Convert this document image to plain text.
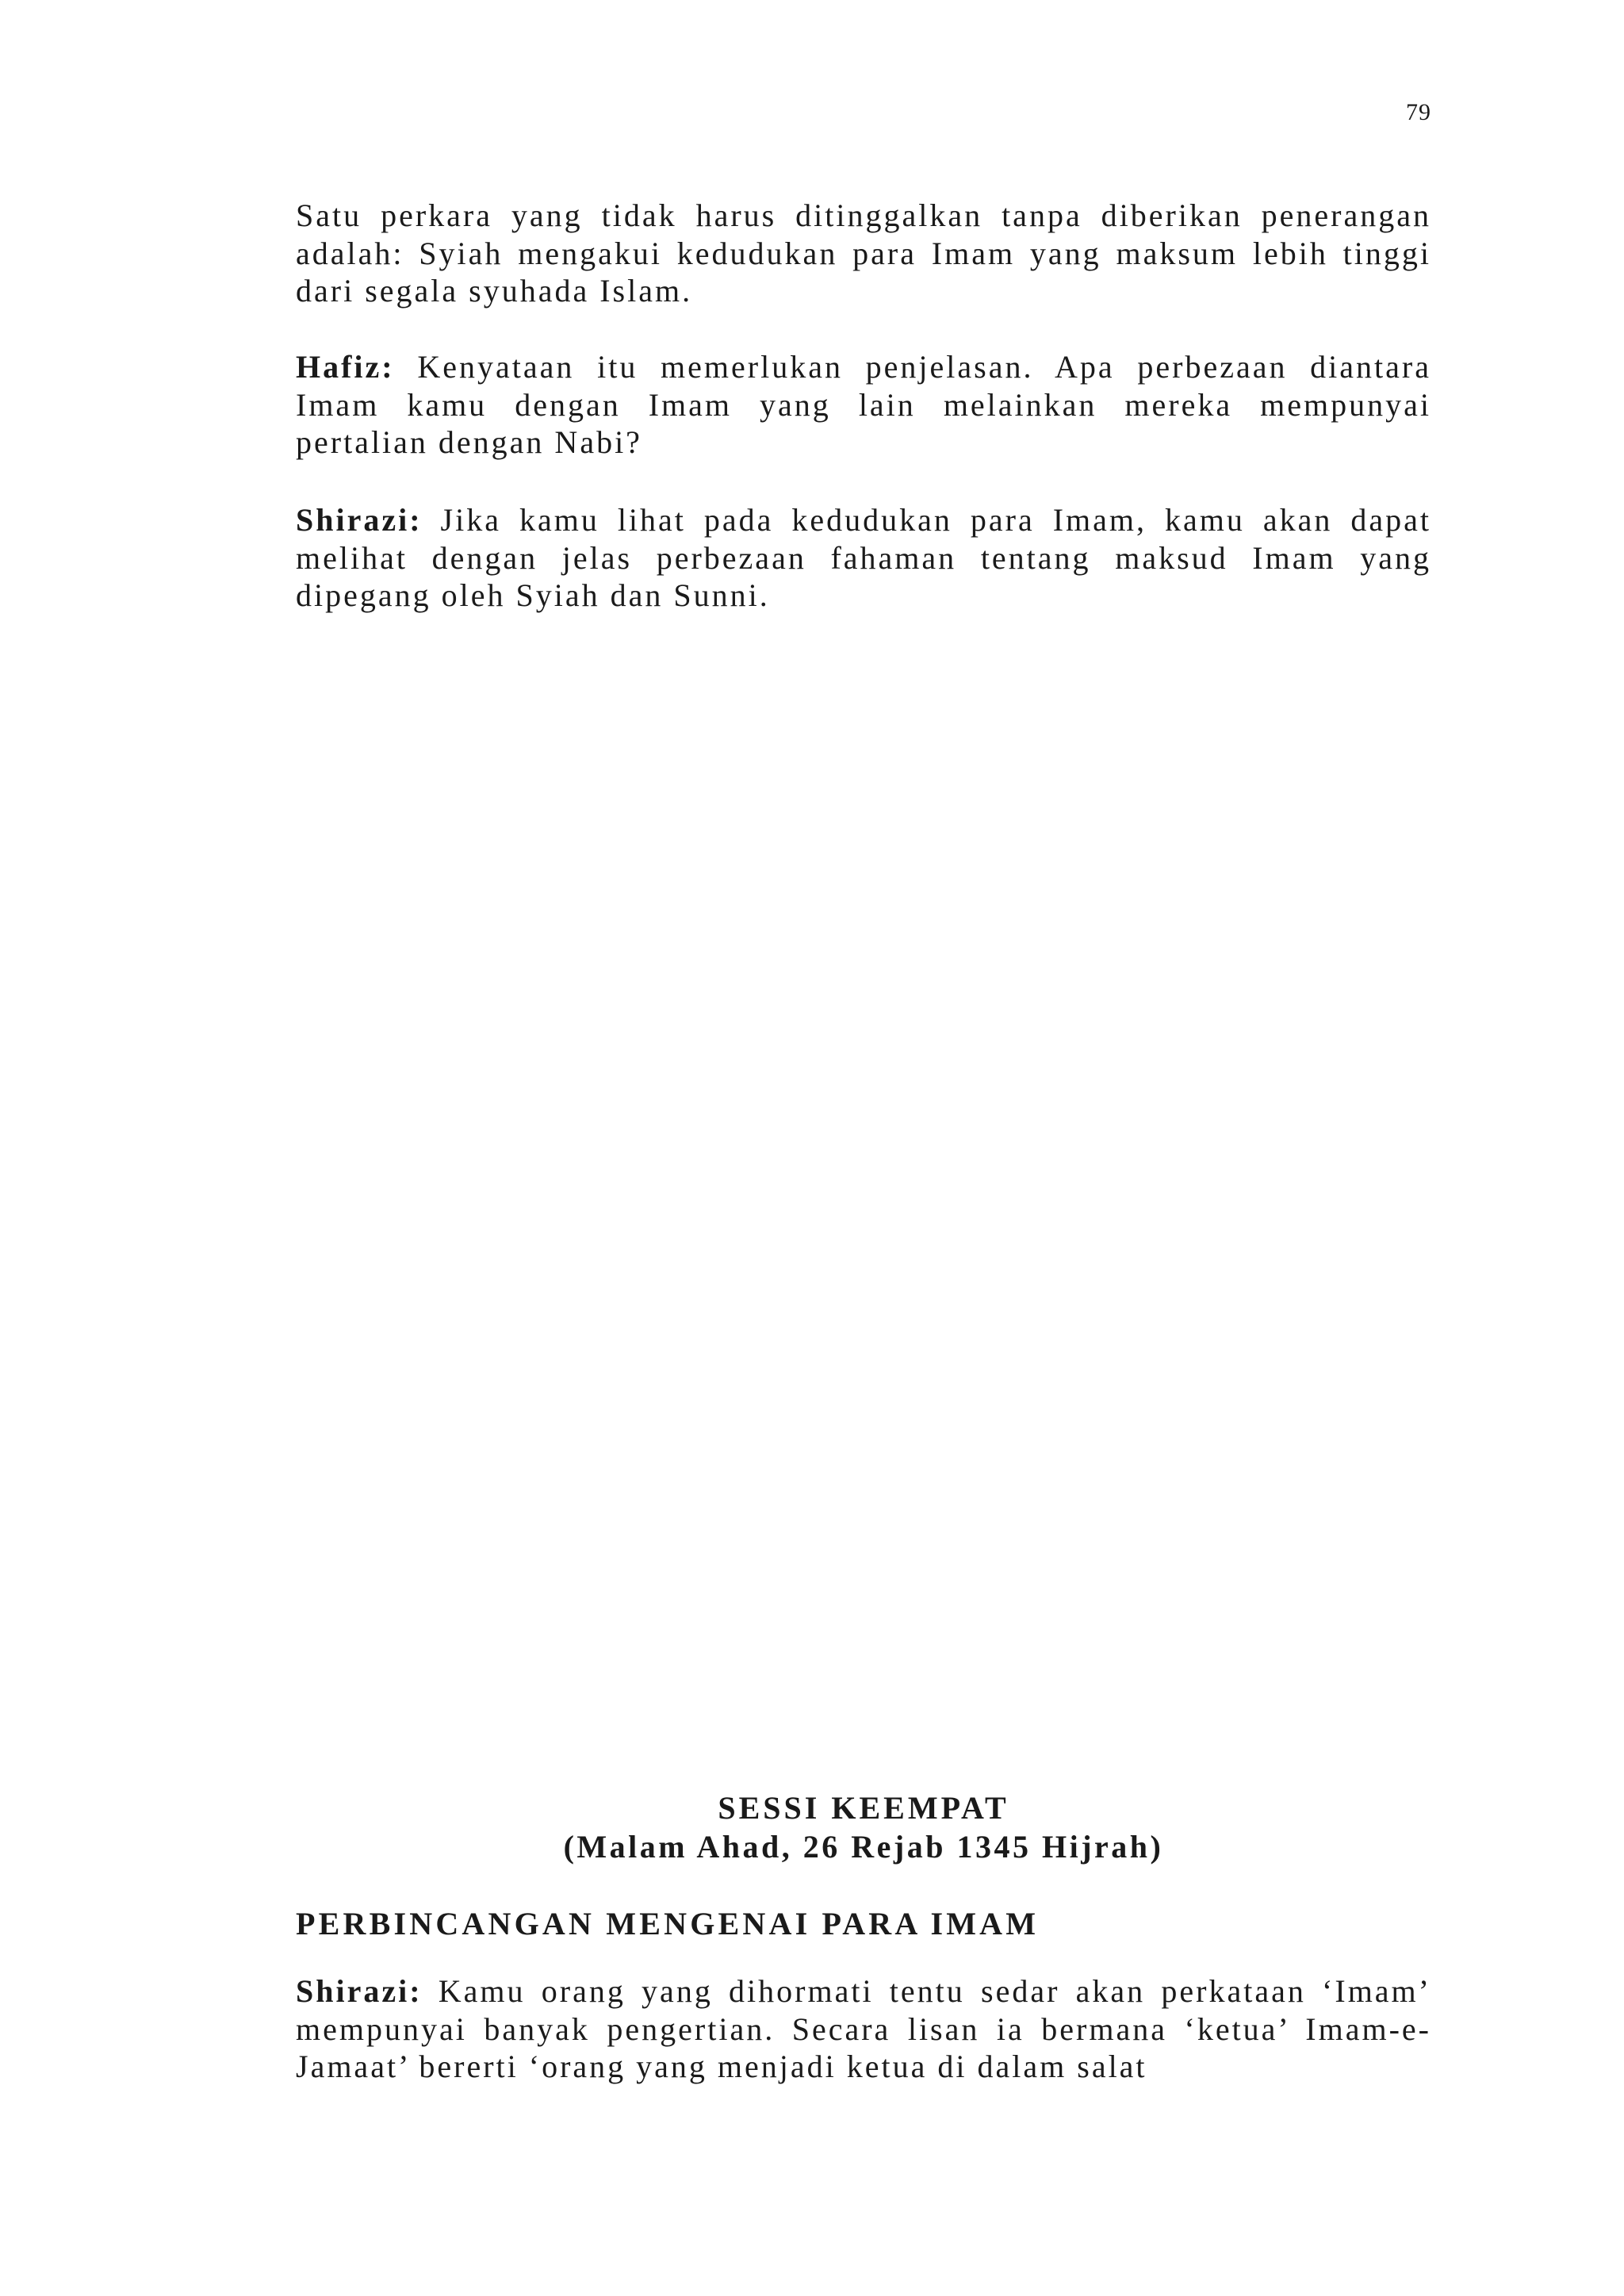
79

Satu perkara yang tidak harus ditinggalkan tanpa diberikan penerangan adalah: Syiah mengakui kedudukan para Imam yang maksum lebih tinggi dari segala syuhada Islam.

Hafiz: Kenyataan itu memerlukan penjelasan. Apa perbezaan diantara Imam kamu dengan Imam yang lain melainkan mereka mempunyai pertalian dengan Nabi?

Shirazi: Jika kamu lihat pada kedudukan para Imam, kamu akan dapat melihat dengan jelas perbezaan fahaman tentang maksud Imam yang dipegang oleh Syiah dan Sunni.

SESSI KEEMPAT
(Malam Ahad, 26 Rejab 1345 Hijrah)
PERBINCANGAN MENGENAI PARA IMAM

Shirazi: Kamu orang yang dihormati tentu sedar akan perkataan ‘Imam’ mempunyai banyak pengertian. Secara lisan ia bermana ‘ketua’ Imam-e-Jamaat’ bererti ‘orang yang menjadi ketua di dalam salat
